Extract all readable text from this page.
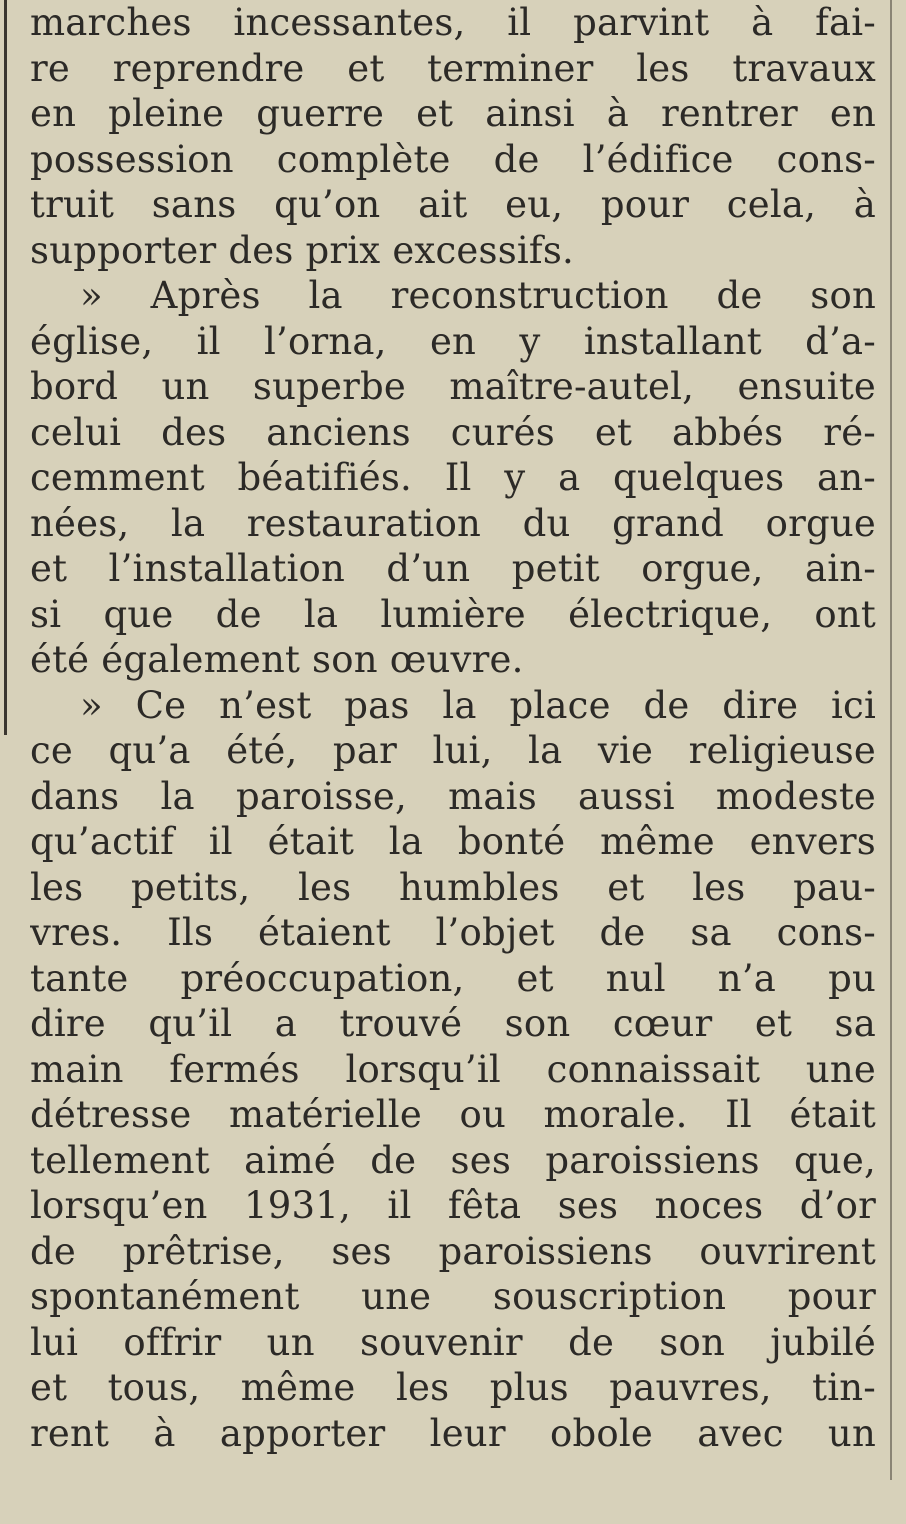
marches incessantes, il parvint à fai-
re reprendre et terminer les travaux
en pleine guerre et ainsi à rentrer en
possession complète de l’édifice cons-
truit sans qu’on ait eu, pour cela, à
supporter des prix excessifs.
» Après la reconstruction de son
église, il l’orna, en y installant d’a-
bord un superbe maître-autel, ensuite
celui des anciens curés et abbés ré-
cemment béatifiés. Il y a quelques an-
nées, la restauration du grand orgue
et l’installation d’un petit orgue, ain-
si que de la lumière électrique, ont
été également son œuvre.
» Ce n’est pas la place de dire ici
ce qu’a été, par lui, la vie religieuse
dans la paroisse, mais aussi modeste
qu’actif il était la bonté même envers
les petits, les humbles et les pau-
vres. Ils étaient l’objet de sa cons-
tante préoccupation, et nul n’a pu
dire qu’il a trouvé son cœur et sa
main fermés lorsqu’il connaissait une
détresse matérielle ou morale. Il était
tellement aimé de ses paroissiens que,
lorsqu’en 1931, il fêta ses noces d’or
de prêtrise, ses paroissiens ouvrirent
spontanément une souscription pour
lui offrir un souvenir de son jubilé
et tous, même les plus pauvres, tin-
rent à apporter leur obole avec un
